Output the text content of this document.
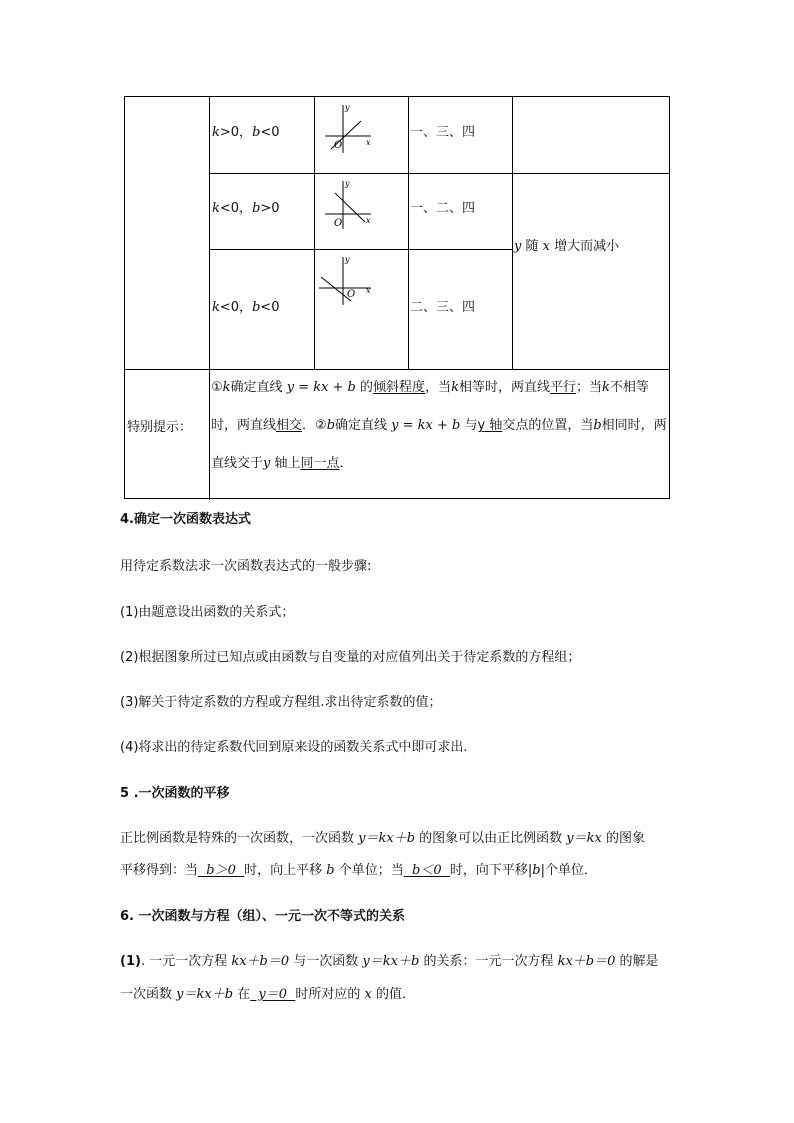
k>0，b<0
y
x
O
一、三、四
k<0，b>0
y
x
O
一、二、四
k<0，b<0
y
x
O
二、三、四
y 随 x 增大而减小
特别提示：
①k确定直线 y = kx + b 的倾斜程度，当k相等时，两直线平行；当k不相等时，两直线相交．②b确定直线 y = kx + b 与y 轴交点的位置，当b相同时，两直线交于y 轴上同一点．
4.确定一次函数表达式
用待定系数法求一次函数表达式的一般步骤:
(1)由题意设出函数的关系式；
(2)根据图象所过已知点或由函数与自变量的对应值列出关于待定系数的方程组；
(3)解关于待定系数的方程或方程组.求出待定系数的值；
(4)将求出的待定系数代回到原来设的函数关系式中即可求出.
5 .一次函数的平移
正比例函数是特殊的一次函数，一次函数 y＝kx＋b 的图象可以由正比例函数 y＝kx 的图象
平移得到：当  b＞0  时，向上平移 b 个单位；当  b＜0  时，向下平移|b|个单位．
6. 一次函数与方程（组）、一元一次不等式的关系
(1). 一元一次方程 kx＋b＝0 与一次函数 y＝kx＋b 的关系：一元一次方程 kx＋b＝0 的解是
一次函数 y＝kx＋b 在  y＝0  时所对应的 x 的值．
